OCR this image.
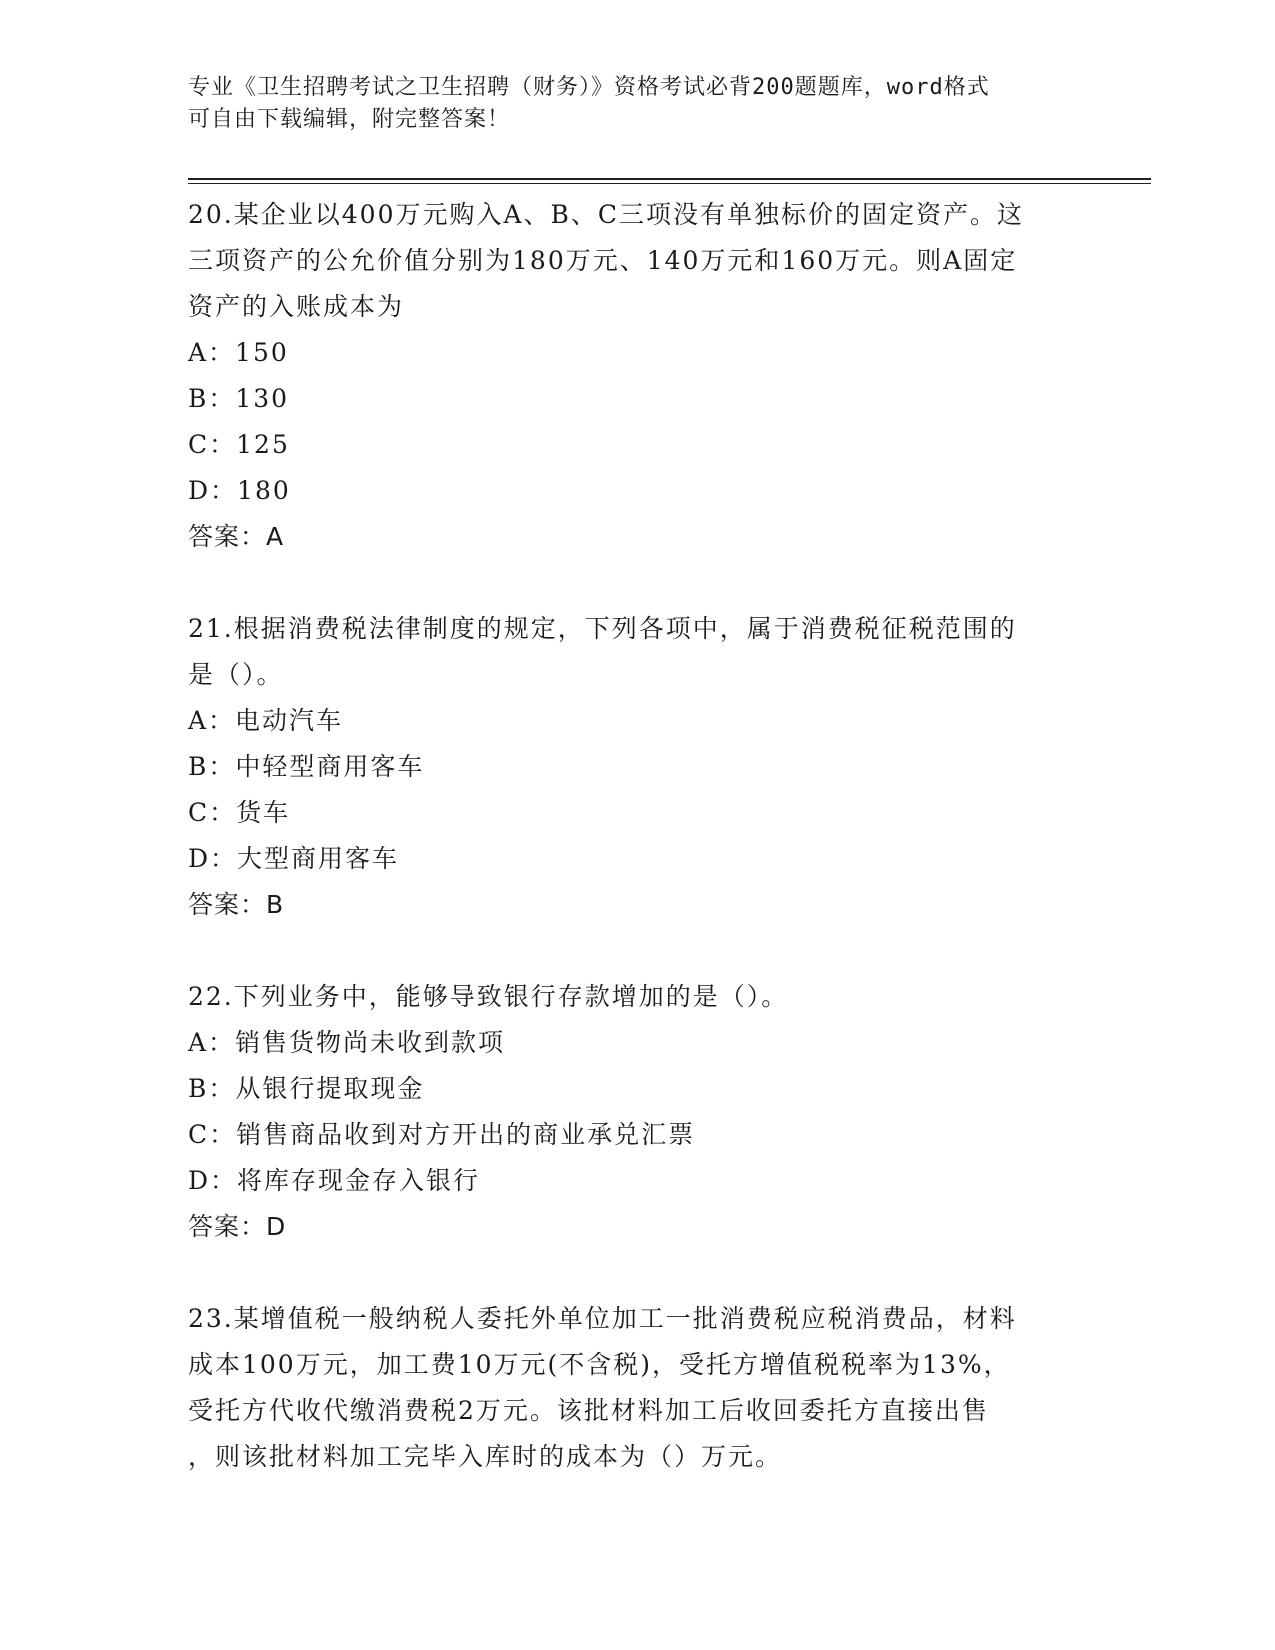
专业《卫生招聘考试之卫生招聘（财务）》资格考试必背200题题库，word格式
可自由下载编辑，附完整答案！
20.某企业以400万元购入A、B、C三项没有单独标价的固定资产。这
三项资产的公允价值分别为180万元、140万元和160万元。则A固定
资产的入账成本为
A：150
B：130
C：125
D：180
答案：A
21.根据消费税法律制度的规定，下列各项中，属于消费税征税范围的
是（）。
A：电动汽车
B：中轻型商用客车
C：货车
D：大型商用客车
答案：B
22.下列业务中，能够导致银行存款增加的是（）。
A：销售货物尚未收到款项
B：从银行提取现金
C：销售商品收到对方开出的商业承兑汇票
D：将库存现金存入银行
答案：D
23.某增值税一般纳税人委托外单位加工一批消费税应税消费品，材料
成本100万元，加工费10万元(不含税)，受托方增值税税率为13%，
受托方代收代缴消费税2万元。该批材料加工后收回委托方直接出售
，则该批材料加工完毕入库时的成本为（）万元。
